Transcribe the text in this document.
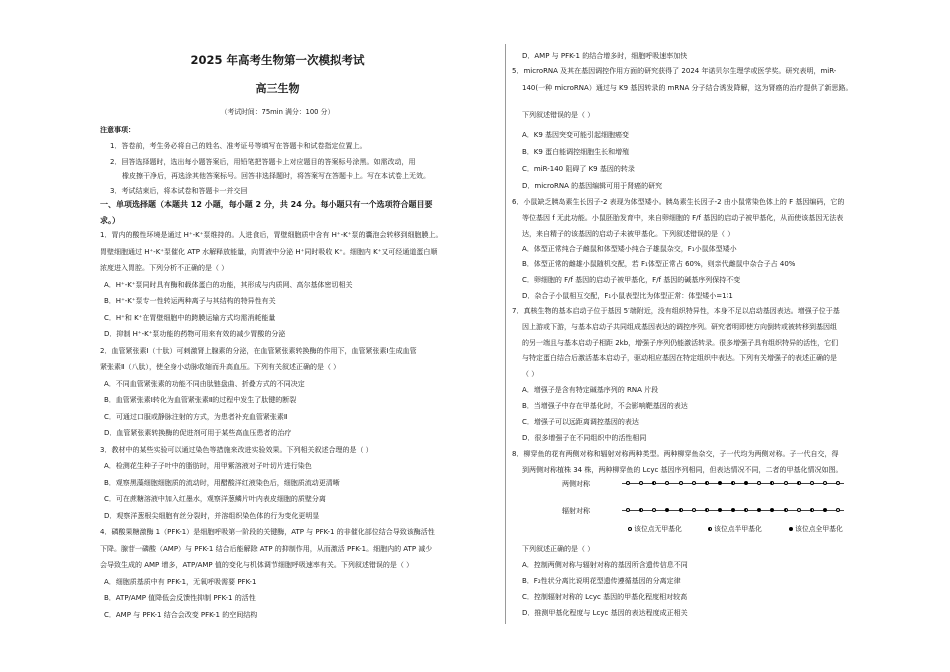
2025 年高考生物第一次模拟考试
高三生物
（考试时间：75min 满分：100 分）
注意事项：
1．答卷前，考生务必将自己的姓名、准考证号等填写在答题卡和试卷指定位置上。
2．回答选择题时，选出每小题答案后，用铅笔把答题卡上对应题目的答案标号涂黑。如需改动，用
橡皮擦干净后，再选涂其他答案标号。回答非选择题时，将答案写在答题卡上。写在本试卷上无效。
3．考试结束后，将本试卷和答题卡一并交回
一、单项选择题（本题共 12 小题，每小题 2 分，共 24 分。每小题只有一个选项符合题目要
求。）
1．胃内的酸性环境是通过 H⁺-K⁺泵维持的。人进食后，胃壁细胞质中含有 H⁺-K⁺泵的囊泡会转移到细胞膜上。
胃壁细胞通过 H⁺-K⁺泵催化 ATP 水解释放能量，向胃液中分泌 H⁺同时吸收 K⁺。细胞内 K⁺又可经通道蛋白顺
浓度进入胃腔。下列分析不正确的是（ ）
A．H⁺-K⁺泵同时具有酶和载体蛋白的功能，其形成与内质网、高尔基体密切相关
B．H⁺-K⁺泵专一性转运两种离子与其结构的特异性有关
C．H⁺和 K⁺在胃壁细胞中的跨膜运输方式均需消耗能量
D．抑制 H⁺-K⁺泵功能的药物可用来有效的减少胃酸的分泌
2．血管紧张素Ⅰ（十肽）可刺激肾上腺素的分泌，在血管紧张素转换酶的作用下，血管紧张素Ⅰ生成血管
紧张素Ⅱ（八肽），使全身小动脉收缩而升高血压。下列有关叙述正确的是（ ）
A．不同血管紧张素的功能不同由肽链盘曲、折叠方式的不同决定
B．血管紧张素Ⅰ转化为血管紧张素Ⅱ的过程中发生了肽键的断裂
C．可通过口服或静脉注射的方式，为患者补充血管紧张素Ⅱ
D．血管紧张素转换酶的促进剂可用于某些高血压患者的治疗
3．教材中的某些实验可以通过染色等措施来改进实验效果。下列相关叙述合理的是（ ）
A．检测花生种子子叶中的脂肪时，用甲紫溶液对子叶切片进行染色
B．观察黑藻细胞细胞质的流动时，用醋酸洋红液染色后，细胞质流动更清晰
C．可在蔗糖溶液中加入红墨水，观察洋葱鳞片叶内表皮细胞的质壁分离
D．观察洋葱根尖细胞有丝分裂时，并溶组织染色体的行为变化更明显
4．磷酸果糖激酶 1（PFK-1）是细胞呼吸第一阶段的关键酶，ATP 与 PFK-1 的非催化部位结合导致该酶活性
下降。腺苷一磷酸（AMP）与 PFK-1 结合后能解除 ATP 的抑制作用，从而激活 PFK-1。细胞内的 ATP 减少
会导致生成的 AMP 增多，ATP/AMP 值的变化与机体调节细胞呼吸速率有关。下列叙述错误的是（ ）
A．细胞质基质中有 PFK-1，无氧呼吸需要 PFK-1
B．ATP/AMP 值降低会反馈性抑制 PFK-1 的活性
C．AMP 与 PFK-1 结合会改变 PFK-1 的空间结构
D．AMP 与 PFK-1 的结合增多时，细胞呼吸速率加快
5．microRNA 及其在基因调控作用方面的研究获得了 2024 年诺贝尔生理学或医学奖。研究表明，miR-
140(一种 microRNA）通过与 K9 基因转录的 mRNA 分子结合诱发降解，这为肾癌的治疗提供了新思路。
下列叙述错误的是（ ）
A．K9 基因突变可能引起细胞癌变
B．K9 蛋白能调控细胞生长和增殖
C．miR-140 阻碍了 K9 基因的转录
D．microRNA 的基因编辑可用于肾癌的研究
6．小鼠缺乏胰岛素生长因子-2 表现为体型矮小。胰岛素生长因子-2 由小鼠常染色体上的 F 基因编码，它的
等位基因 f 无此功能。小鼠胚胎发育中，来自卵细胞的 F/f 基因的启动子被甲基化，从而使该基因无法表
达，来自精子的该基因的启动子未被甲基化。下列叙述错误的是（ ）
A．体型正常纯合子雌鼠和体型矮小纯合子雄鼠杂交，F₁小鼠体型矮小
B．体型正常的雌雄小鼠随机交配，若 F₁体型正常占 60%，则亲代雌鼠中杂合子占 40%
C．卵细胞的 F/f 基因的启动子被甲基化，F/f 基因的碱基序列保持不变
D．杂合子小鼠相互交配，F₁小鼠表型比为体型正常：体型矮小=1∶1
7．真核生物的基本启动子位于基因 5′端附近，没有组织特异性，本身不足以启动基因表达。增强子位于基
因上游或下游，与基本启动子共同组成基因表达的调控序列。研究者明即使方向倒转或被转移到基因组
的另一端且与基本启动子相距 2kb，增强子序列仍能激活转录。很多增强子具有组织特异的活性，它们
与特定蛋白结合后激活基本启动子，驱动相应基因在特定组织中表达。下列有关增强子的表述正确的是
（ ）
A．增强子是含有特定碱基序列的 RNA 片段
B．当增强子中存在甲基化时，不会影响靶基因的表达
C．增强子可以远距离调控基因的表达
D．很多增强子在不同组织中的活性相同
8．柳穿鱼的花有两侧对称和辐射对称两种类型。两种柳穿鱼杂交，子一代均为两侧对称。子一代自交，得
到两侧对称植株 34 株，两种柳穿鱼的 Lcyc 基因序列相同，但表达情况不同，二者的甲基化情况如图。
两侧对称
辐射对称
该位点无甲基化	该位点半甲基化	该位点全甲基化
下列叙述正确的是（ ）
A．控制两侧对称与辐射对称的基因所含遗传信息不同
B．F₂性状分离比说明花型遗传遵循基因的分离定律
C．控制辐射对称的 Lcyc 基因的甲基化程度相对较高
D．推测甲基化程度与 Lcyc 基因的表达程度成正相关
